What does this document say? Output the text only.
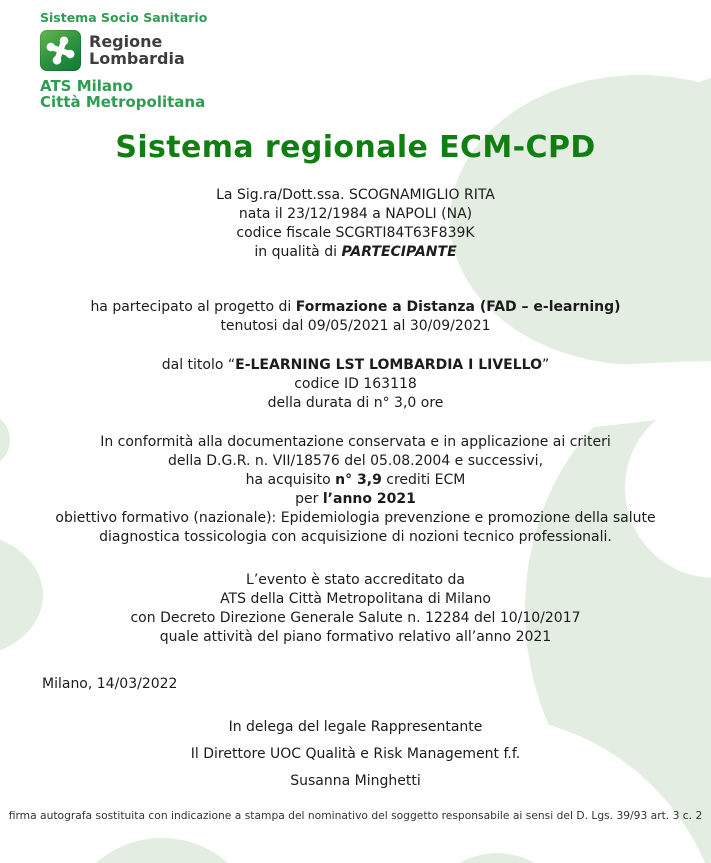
Sistema Socio Sanitario
Regione
Lombardia
ATS Milano
Città Metropolitana
Sistema regionale ECM-CPD
La Sig.ra/Dott.ssa. SCOGNAMIGLIO RITA
nata il 23/12/1984 a NAPOLI (NA)
codice fiscale SCGRTI84T63F839K
in qualità di PARTECIPANTE
ha partecipato al progetto di Formazione a Distanza (FAD – e-learning)
tenutosi dal 09/05/2021 al 30/09/2021
dal titolo “E-LEARNING LST LOMBARDIA I LIVELLO”
codice ID 163118
della durata di n° 3,0 ore
In conformità alla documentazione conservata e in applicazione ai criteri
della D.G.R. n. VII/18576 del 05.08.2004 e successivi,
ha acquisito n° 3,9 crediti ECM
per l’anno 2021
obiettivo formativo (nazionale): Epidemiologia prevenzione e promozione della salute
diagnostica tossicologia con acquisizione di nozioni tecnico professionali.
L’evento è stato accreditato da
ATS della Città Metropolitana di Milano
con Decreto Direzione Generale Salute n. 12284 del 10/10/2017
quale attività del piano formativo relativo all’anno 2021
Milano, 14/03/2022
In delega del legale Rappresentante
Il Direttore UOC Qualità e Risk Management f.f.
Susanna Minghetti
firma autografa sostituita con indicazione a stampa del nominativo del soggetto responsabile ai sensi del D. Lgs. 39/93 art. 3 c. 2
